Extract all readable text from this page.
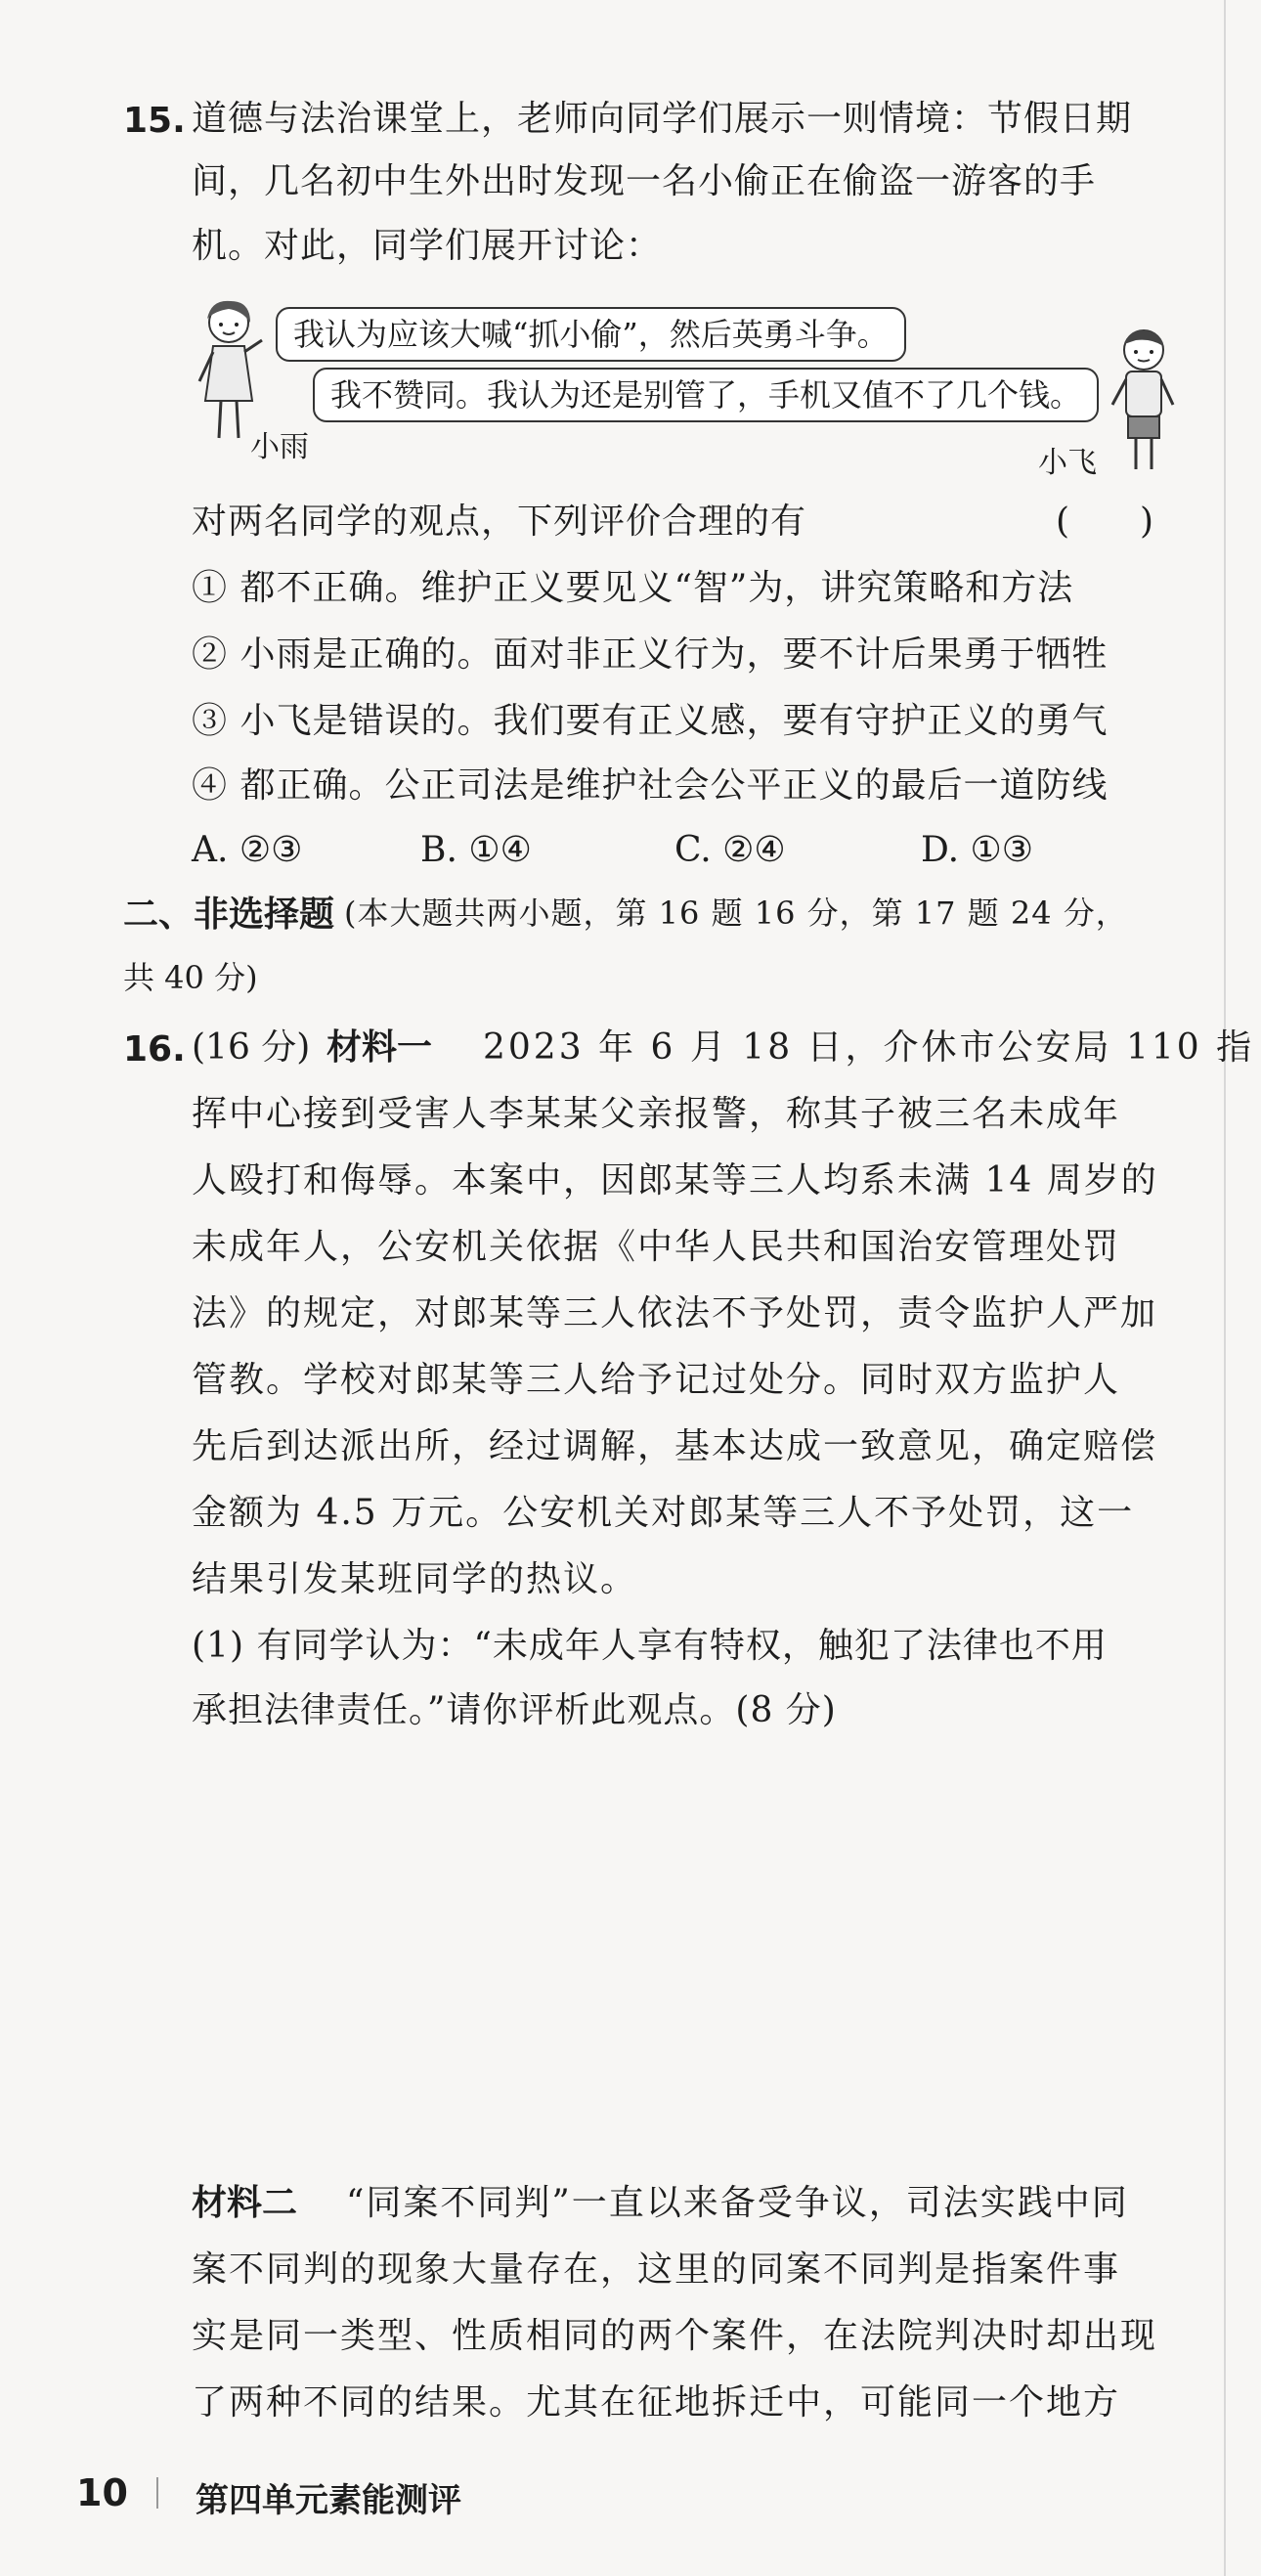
15. 道德与法治课堂上，老师向同学们展示一则情境：节假日期
间，几名初中生外出时发现一名小偷正在偷盗一游客的手
机。对此，同学们展开讨论：
我认为应该大喊“抓小偷”，然后英勇斗争。
我不赞同。我认为还是别管了，手机又值不了几个钱。
小雨	小飞
对两名同学的观点，下列评价合理的有	(　　)
① 都不正确。维护正义要见义“智”为，讲究策略和方法
② 小雨是正确的。面对非正义行为，要不计后果勇于牺牲
③ 小飞是错误的。我们要有正义感，要有守护正义的勇气
④ 都正确。公正司法是维护社会公平正义的最后一道防线
A. ②③	B. ①④	C. ②④	D. ①③
二、非选择题 (本大题共两小题，第 16 题 16 分，第 17 题 24 分，
共 40 分)
16. (16 分) 材料一 2023 年 6 月 18 日，介休市公安局 110 指
挥中心接到受害人李某某父亲报警，称其子被三名未成年
人殴打和侮辱。本案中，因郎某等三人均系未满 14 周岁的
未成年人，公安机关依据《中华人民共和国治安管理处罚
法》的规定，对郎某等三人依法不予处罚，责令监护人严加
管教。学校对郎某等三人给予记过处分。同时双方监护人
先后到达派出所，经过调解，基本达成一致意见，确定赔偿
金额为 4.5 万元。公安机关对郎某等三人不予处罚，这一
结果引发某班同学的热议。
(1) 有同学认为：“未成年人享有特权，触犯了法律也不用
承担法律责任。”请你评析此观点。(8 分)
材料二 “同案不同判”一直以来备受争议，司法实践中同
案不同判的现象大量存在，这里的同案不同判是指案件事
实是同一类型、性质相同的两个案件，在法院判决时却出现
了两种不同的结果。尤其在征地拆迁中，可能同一个地方
10 第四单元素能测评
